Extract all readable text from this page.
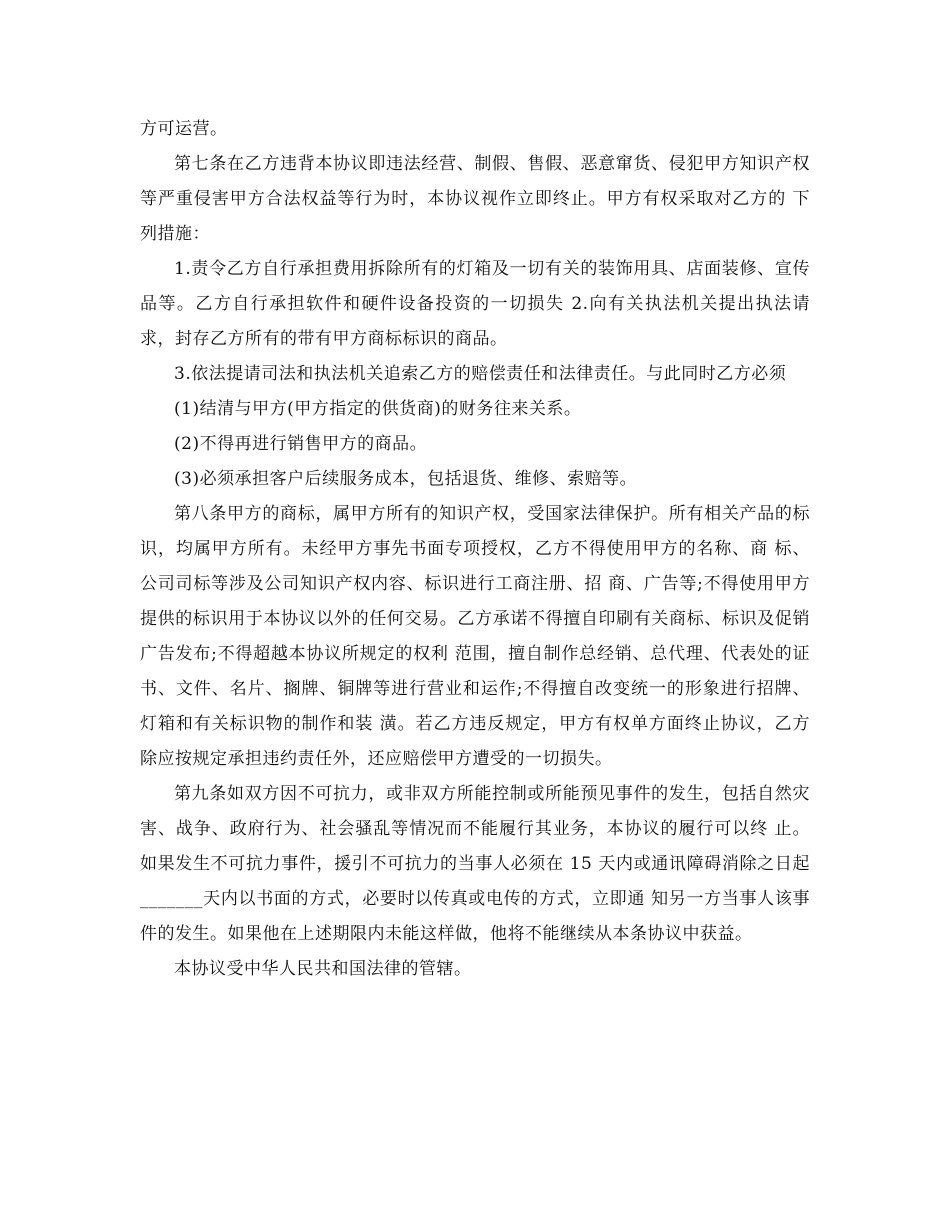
方可运营。

第七条在乙方违背本协议即违法经营、制假、售假、恶意窜货、侵犯甲方知识产权等严重侵害甲方合法权益等行为时，本协议视作立即终止。甲方有权采取对乙方的 下列措施：

1.责令乙方自行承担费用拆除所有的灯箱及一切有关的装饰用具、店面装修、宣传品等。乙方自行承担软件和硬件设备投资的一切损失 2.向有关执法机关提出执法请求，封存乙方所有的带有甲方商标标识的商品。

3.依法提请司法和执法机关追索乙方的赔偿责任和法律责任。与此同时乙方必须

(1)结清与甲方(甲方指定的供货商)的财务往来关系。

(2)不得再进行销售甲方的商品。

(3)必须承担客户后续服务成本，包括退货、维修、索赔等。

第八条甲方的商标，属甲方所有的知识产权，受国家法律保护。所有相关产品的标识，均属甲方所有。未经甲方事先书面专项授权，乙方不得使用甲方的名称、商 标、公司司标等涉及公司知识产权内容、标识进行工商注册、招 商、广告等;不得使用甲方提供的标识用于本协议以外的任何交易。乙方承诺不得擅自印刷有关商标、标识及促销广告发布;不得超越本协议所规定的权利 范围，擅自制作总经销、总代理、代表处的证书、文件、名片、搁牌、铜牌等进行营业和运作;不得擅自改变统一的形象进行招牌、灯箱和有关标识物的制作和装 潢。若乙方违反规定，甲方有权单方面终止协议，乙方除应按规定承担违约责任外，还应赔偿甲方遭受的一切损失。

第九条如双方因不可抗力，或非双方所能控制或所能预见事件的发生，包括自然灾害、战争、政府行为、社会骚乱等情况而不能履行其业务，本协议的履行可以终 止。如果发生不可抗力事件，援引不可抗力的当事人必须在 15 天内或通讯障碍消除之日起_______天内以书面的方式，必要时以传真或电传的方式，立即通 知另一方当事人该事件的发生。如果他在上述期限内未能这样做，他将不能继续从本条协议中获益。

本协议受中华人民共和国法律的管辖。
